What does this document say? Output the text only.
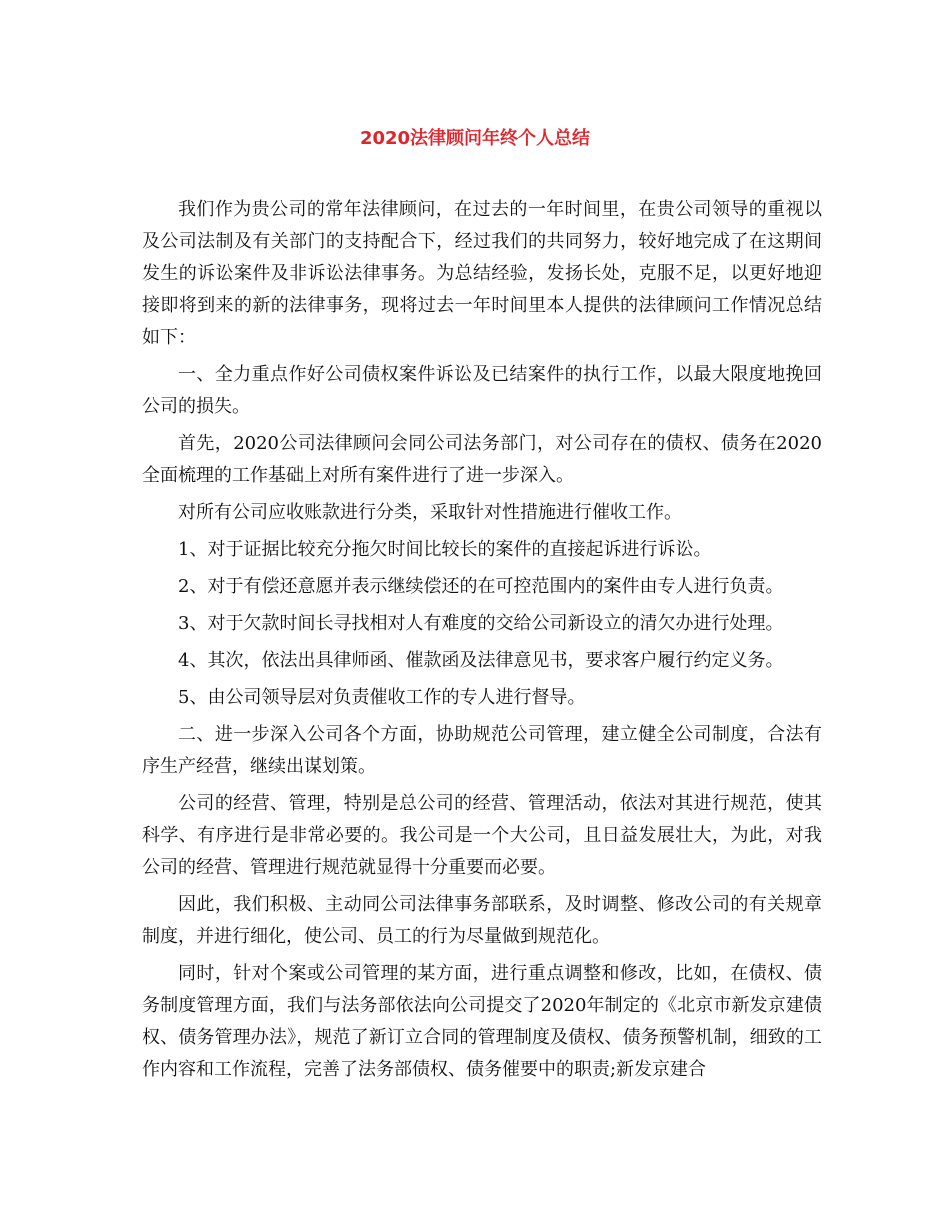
2020法律顾问年终个人总结

我们作为贵公司的常年法律顾问，在过去的一年时间里，在贵公司领导的重视以及公司法制及有关部门的支持配合下，经过我们的共同努力，较好地完成了在这期间发生的诉讼案件及非诉讼法律事务。为总结经验，发扬长处，克服不足，以更好地迎接即将到来的新的法律事务，现将过去一年时间里本人提供的法律顾问工作情况总结如下：

一、全力重点作好公司债权案件诉讼及已结案件的执行工作，以最大限度地挽回公司的损失。

首先，2020公司法律顾问会同公司法务部门，对公司存在的债权、债务在2020全面梳理的工作基础上对所有案件进行了进一步深入。

对所有公司应收账款进行分类，采取针对性措施进行催收工作。

1、对于证据比较充分拖欠时间比较长的案件的直接起诉进行诉讼。

2、对于有偿还意愿并表示继续偿还的在可控范围内的案件由专人进行负责。

3、对于欠款时间长寻找相对人有难度的交给公司新设立的清欠办进行处理。

4、其次，依法出具律师函、催款函及法律意见书，要求客户履行约定义务。

5、由公司领导层对负责催收工作的专人进行督导。

二、进一步深入公司各个方面，协助规范公司管理，建立健全公司制度，合法有序生产经营，继续出谋划策。

公司的经营、管理，特别是总公司的经营、管理活动，依法对其进行规范，使其科学、有序进行是非常必要的。我公司是一个大公司，且日益发展壮大，为此，对我公司的经营、管理进行规范就显得十分重要而必要。

因此，我们积极、主动同公司法律事务部联系，及时调整、修改公司的有关规章制度，并进行细化，使公司、员工的行为尽量做到规范化。

同时，针对个案或公司管理的某方面，进行重点调整和修改，比如，在债权、债务制度管理方面，我们与法务部依法向公司提交了2020年制定的《北京市新发京建债权、债务管理办法》，规范了新订立合同的管理制度及债权、债务预警机制，细致的工作内容和工作流程，完善了法务部债权、债务催要中的职责;新发京建合
